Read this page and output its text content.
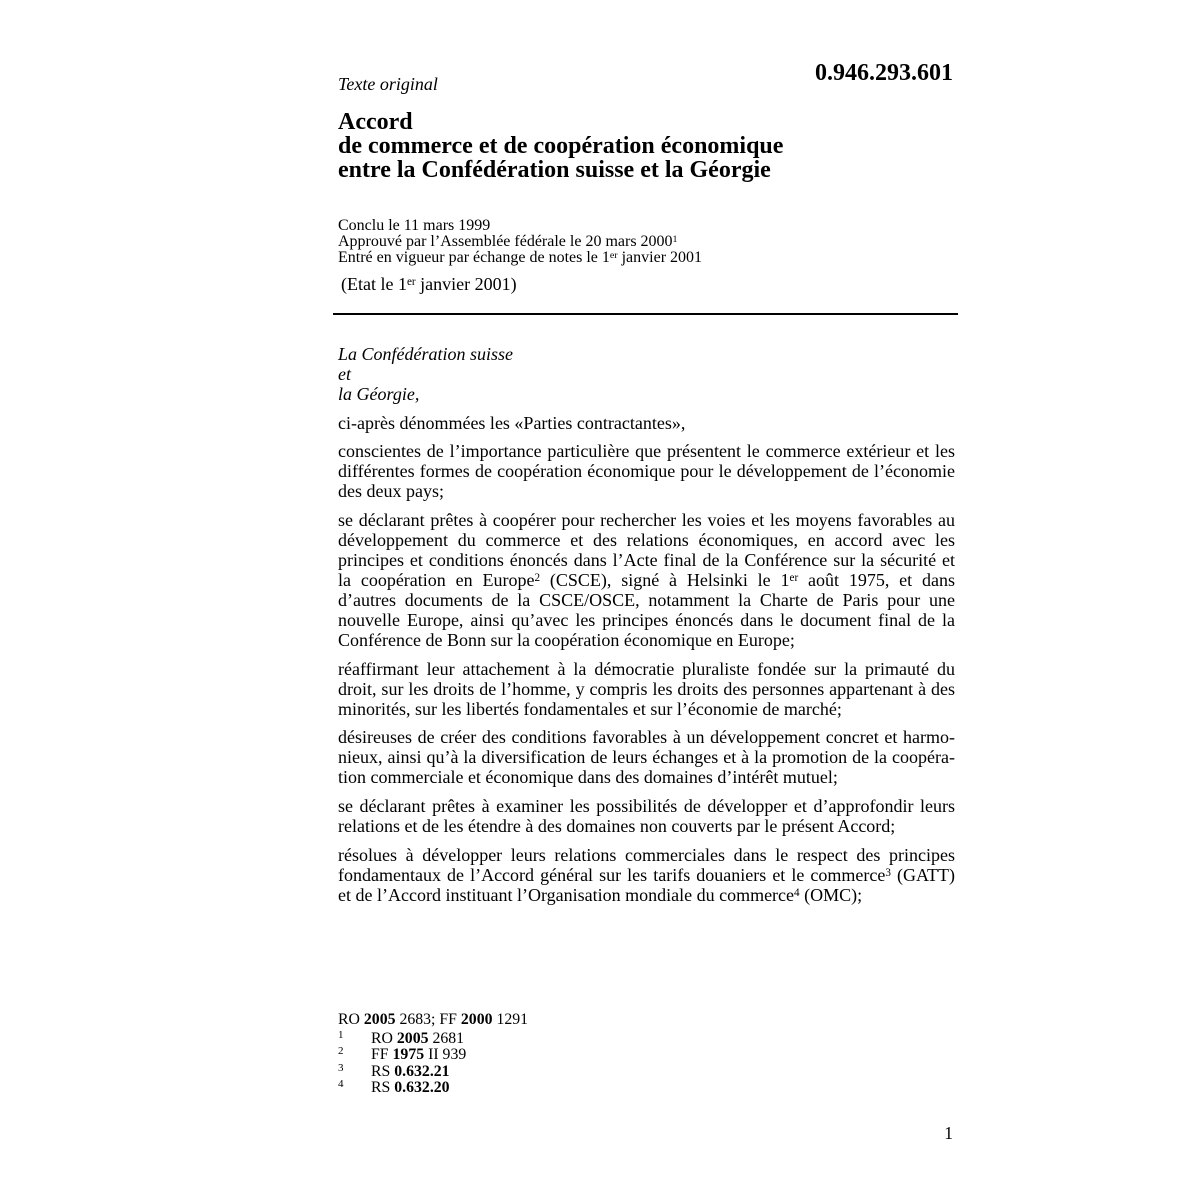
Texte original	0.946.293.601
Accord
de commerce et de coopération économique
entre la Confédération suisse et la Géorgie
Conclu le 11 mars 1999
Approuvé par l’Assemblée fédérale le 20 mars 2000$^1$
Entré en vigueur par échange de notes le 1er janvier 2001
(Etat le 1er janvier 2001)
La Confédération suisse
et
la Géorgie,
ci-après dénommées les «Parties contractantes»,
conscientes de l’importance particulière que présentent le commerce extérieur et les
différentes formes de coopération économique pour le développement de l’économie
des deux pays;
se déclarant prêtes à coopérer pour rechercher les voies et les moyens favorables au
développement du commerce et des relations économiques, en accord avec les
principes et conditions énoncés dans l’Acte final de la Conférence sur la sécurité et
la coopération en Europe$^2$ (CSCE), signé à Helsinki le 1er août 1975, et dans
d’autres documents de la CSCE/OSCE, notamment la Charte de Paris pour une
nouvelle Europe, ainsi qu’avec les principes énoncés dans le document final de la
Conférence de Bonn sur la coopération économique en Europe;
réaffirmant leur attachement à la démocratie pluraliste fondée sur la primauté du
droit, sur les droits de l’homme, y compris les droits des personnes appartenant à des
minorités, sur les libertés fondamentales et sur l’économie de marché;
désireuses de créer des conditions favorables à un développement concret et harmo-
nieux, ainsi qu’à la diversification de leurs échanges et à la promotion de la coopéra-
tion commerciale et économique dans des domaines d’intérêt mutuel;
se déclarant prêtes à examiner les possibilités de développer et d’approfondir leurs
relations et de les étendre à des domaines non couverts par le présent Accord;
résolues à développer leurs relations commerciales dans le respect des principes
fondamentaux de l’Accord général sur les tarifs douaniers et le commerce$^3$ (GATT)
et de l’Accord instituant l’Organisation mondiale du commerce$^4$ (OMC);
RO 2005 2683; FF 2000 1291
1 RO 2005 2681
2 FF 1975 II 939
3 RS 0.632.21
4 RS 0.632.20
1
